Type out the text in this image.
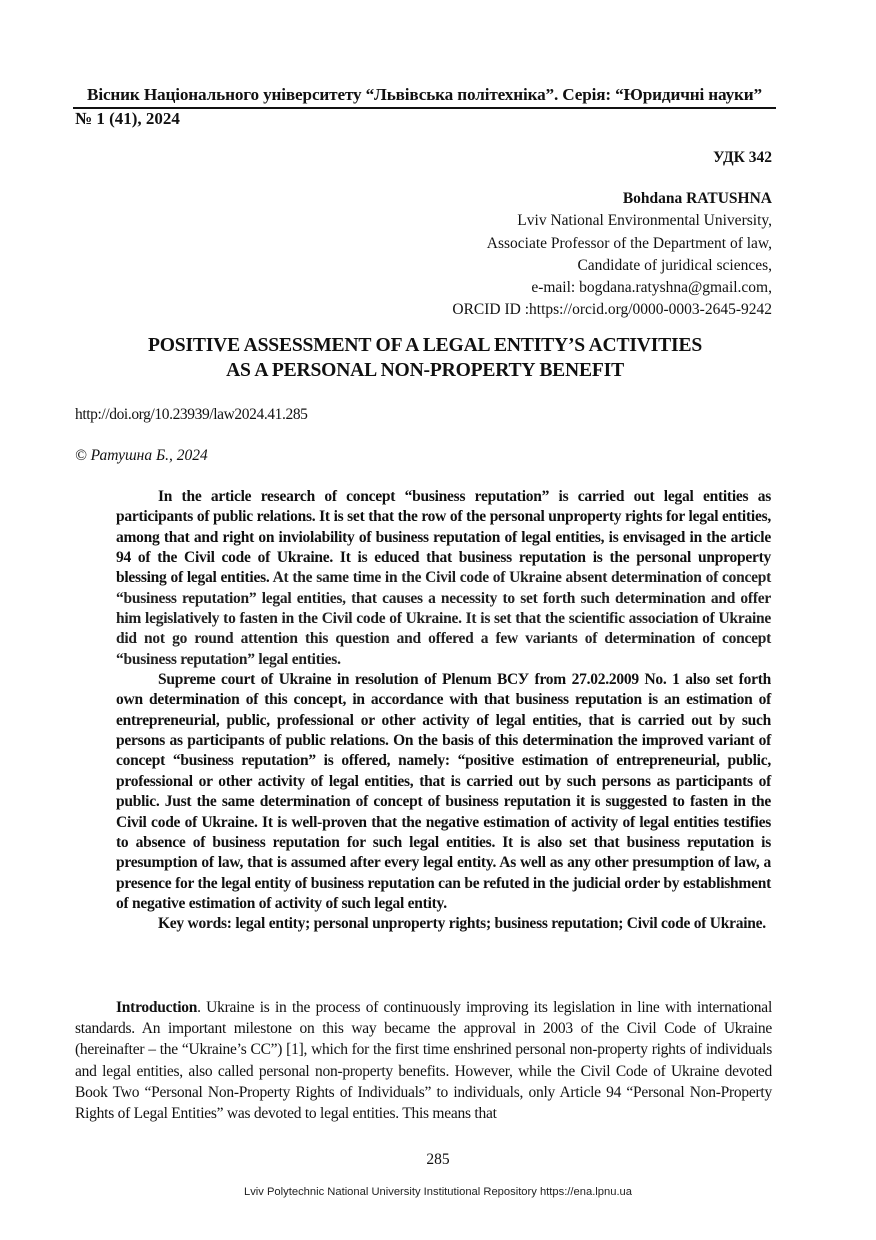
Вісник Національного університету “Львівська політехніка”. Серія: “Юридичні науки”
№ 1 (41), 2024
УДК 342
Bohdana RATUSHNA
Lviv National Environmental University,
Associate Professor of the Department of law,
Candidate of juridical sciences,
e-mail: bogdana.ratyshna@gmail.com,
ORCID ID :https://orcid.org/0000-0003-2645-9242
POSITIVE ASSESSMENT OF A LEGAL ENTITY’S ACTIVITIES
AS A PERSONAL NON-PROPERTY BENEFIT
http://doi.org/10.23939/law2024.41.285
© Ратушна Б., 2024

In the article research of concept “business reputation” is carried out legal entities as participants of public relations. It is set that the row of the personal unproperty rights for legal entities, among that and right on inviolability of business reputation of legal entities, is envisaged in the article 94 of the Civil code of Ukraine. It is educed that business reputation is the personal unproperty blessing of legal entities. At the same time in the Civil code of Ukraine absent determination of concept “business reputation” legal entities, that causes a necessity to set forth such determination and offer him legislatively to fasten in the Civil code of Ukraine. It is set that the scientific association of Ukraine did not go round attention this question and offered a few variants of determination of concept “business reputation” legal entities.

Supreme court of Ukraine in resolution of Plenum ВСУ from 27.02.2009 No. 1 also set forth own determination of this concept, in accordance with that business reputation is an estimation of entrepreneurial, public, professional or other activity of legal entities, that is carried out by such persons as participants of public relations. On the basis of this determination the improved variant of concept “business reputation” is offered, namely: “positive estimation of entrepreneurial, public, professional or other activity of legal entities, that is carried out by such persons as participants of public. Just the same determination of concept of business reputation it is suggested to fasten in the Civil code of Ukraine. It is well-proven that the negative estimation of activity of legal entities testifies to absence of business reputation for such legal entities. It is also set that business reputation is presumption of law, that is assumed after every legal entity. As well as any other presumption of law, a presence for the legal entity of business reputation can be refuted in the judicial order by establishment of negative estimation of activity of such legal entity.

Key words: legal entity; personal unproperty rights; business reputation; Civil code of Ukraine.

Introduction. Ukraine is in the process of continuously improving its legislation in line with international standards. An important milestone on this way became the approval in 2003 of the Civil Code of Ukraine (hereinafter – the “Ukraine’s CC”) [1], which for the first time enshrined personal non-property rights of individuals and legal entities, also called personal non-property benefits. However, while the Civil Code of Ukraine devoted Book Two “Personal Non-Property Rights of Individuals” to individuals, only Article 94 “Personal Non-Property Rights of Legal Entities” was devoted to legal entities. This means that

285
Lviv Polytechnic National University Institutional Repository https://ena.lpnu.ua
